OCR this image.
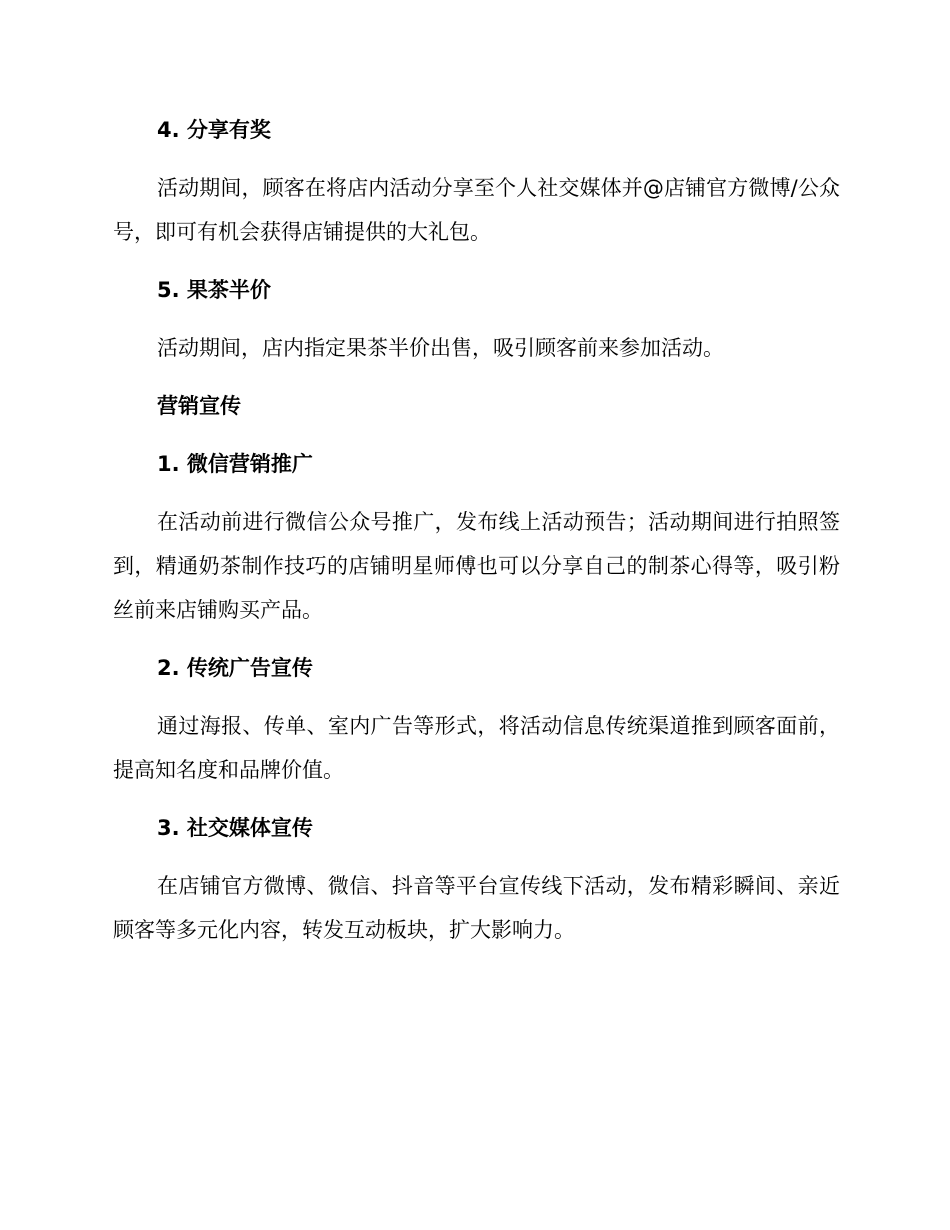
4. 分享有奖
活动期间，顾客在将店内活动分享至个人社交媒体并@店铺官方微博/公众号，即可有机会获得店铺提供的大礼包。
5. 果茶半价
活动期间，店内指定果茶半价出售，吸引顾客前来参加活动。
营销宣传
1. 微信营销推广
在活动前进行微信公众号推广，发布线上活动预告；活动期间进行拍照签到，精通奶茶制作技巧的店铺明星师傅也可以分享自己的制茶心得等，吸引粉丝前来店铺购买产品。
2. 传统广告宣传
通过海报、传单、室内广告等形式，将活动信息传统渠道推到顾客面前，提高知名度和品牌价值。
3. 社交媒体宣传
在店铺官方微博、微信、抖音等平台宣传线下活动，发布精彩瞬间、亲近顾客等多元化内容，转发互动板块，扩大影响力。
